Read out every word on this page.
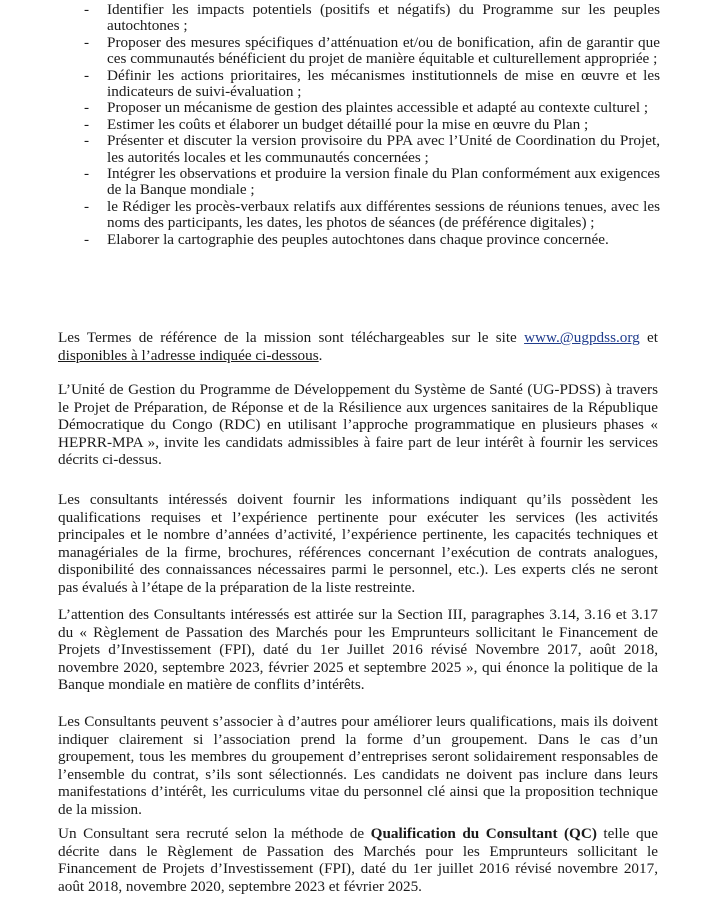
- Identifier les impacts potentiels (positifs et négatifs) du Programme sur les peuples autochtones ;
- Proposer des mesures spécifiques d’atténuation et/ou de bonification, afin de garantir que ces communautés bénéficient du projet de manière équitable et culturellement appropriée ;
- Définir les actions prioritaires, les mécanismes institutionnels de mise en œuvre et les indicateurs de suivi-évaluation ;
- Proposer un mécanisme de gestion des plaintes accessible et adapté au contexte culturel ;
- Estimer les coûts et élaborer un budget détaillé pour la mise en œuvre du Plan ;
- Présenter et discuter la version provisoire du PPA avec l’Unité de Coordination du Projet, les autorités locales et les communautés concernées ;
- Intégrer les observations et produire la version finale du Plan conformément aux exigences de la Banque mondiale ;
- le Rédiger les procès-verbaux relatifs aux différentes sessions de réunions tenues, avec les noms des participants, les dates, les photos de séances (de préférence digitales) ;
- Elaborer la cartographie des peuples autochtones dans chaque province concernée.

Les Termes de référence de la mission sont téléchargeables sur le site www.@ugpdss.org et disponibles à l’adresse indiquée ci-dessous.

L’Unité de Gestion du Programme de Développement du Système de Santé (UG-PDSS) à travers le Projet de Préparation, de Réponse et de la Résilience aux urgences sanitaires de la République Démocratique du Congo (RDC) en utilisant l’approche programmatique en plusieurs phases « HEPRR-MPA », invite les candidats admissibles à faire part de leur intérêt à fournir les services décrits ci-dessus.

Les consultants intéressés doivent fournir les informations indiquant qu’ils possèdent les qualifications requises et l’expérience pertinente pour exécuter les services (les activités principales et le nombre d’années d’activité, l’expérience pertinente, les capacités techniques et managériales de la firme, brochures, références concernant l’exécution de contrats analogues, disponibilité des connaissances nécessaires parmi le personnel, etc.). Les experts clés ne seront pas évalués à l’étape de la préparation de la liste restreinte.

L’attention des Consultants intéressés est attirée sur la Section III, paragraphes 3.14, 3.16 et 3.17 du « Règlement de Passation des Marchés pour les Emprunteurs sollicitant le Financement de Projets d’Investissement (FPI), daté du 1er Juillet 2016 révisé Novembre 2017, août 2018, novembre 2020, septembre 2023, février 2025 et septembre 2025 », qui énonce la politique de la Banque mondiale en matière de conflits d’intérêts.

Les Consultants peuvent s’associer à d’autres pour améliorer leurs qualifications, mais ils doivent indiquer clairement si l’association prend la forme d’un groupement. Dans le cas d’un groupement, tous les membres du groupement d’entreprises seront solidairement responsables de l’ensemble du contrat, s’ils sont sélectionnés. Les candidats ne doivent pas inclure dans leurs manifestations d’intérêt, les curriculums vitae du personnel clé ainsi que la proposition technique de la mission.

Un Consultant sera recruté selon la méthode de Qualification du Consultant (QC) telle que décrite dans le Règlement de Passation des Marchés pour les Emprunteurs sollicitant le Financement de Projets d’Investissement (FPI), daté du 1er juillet 2016 révisé novembre 2017, août 2018, novembre 2020, septembre 2023 et février 2025.
